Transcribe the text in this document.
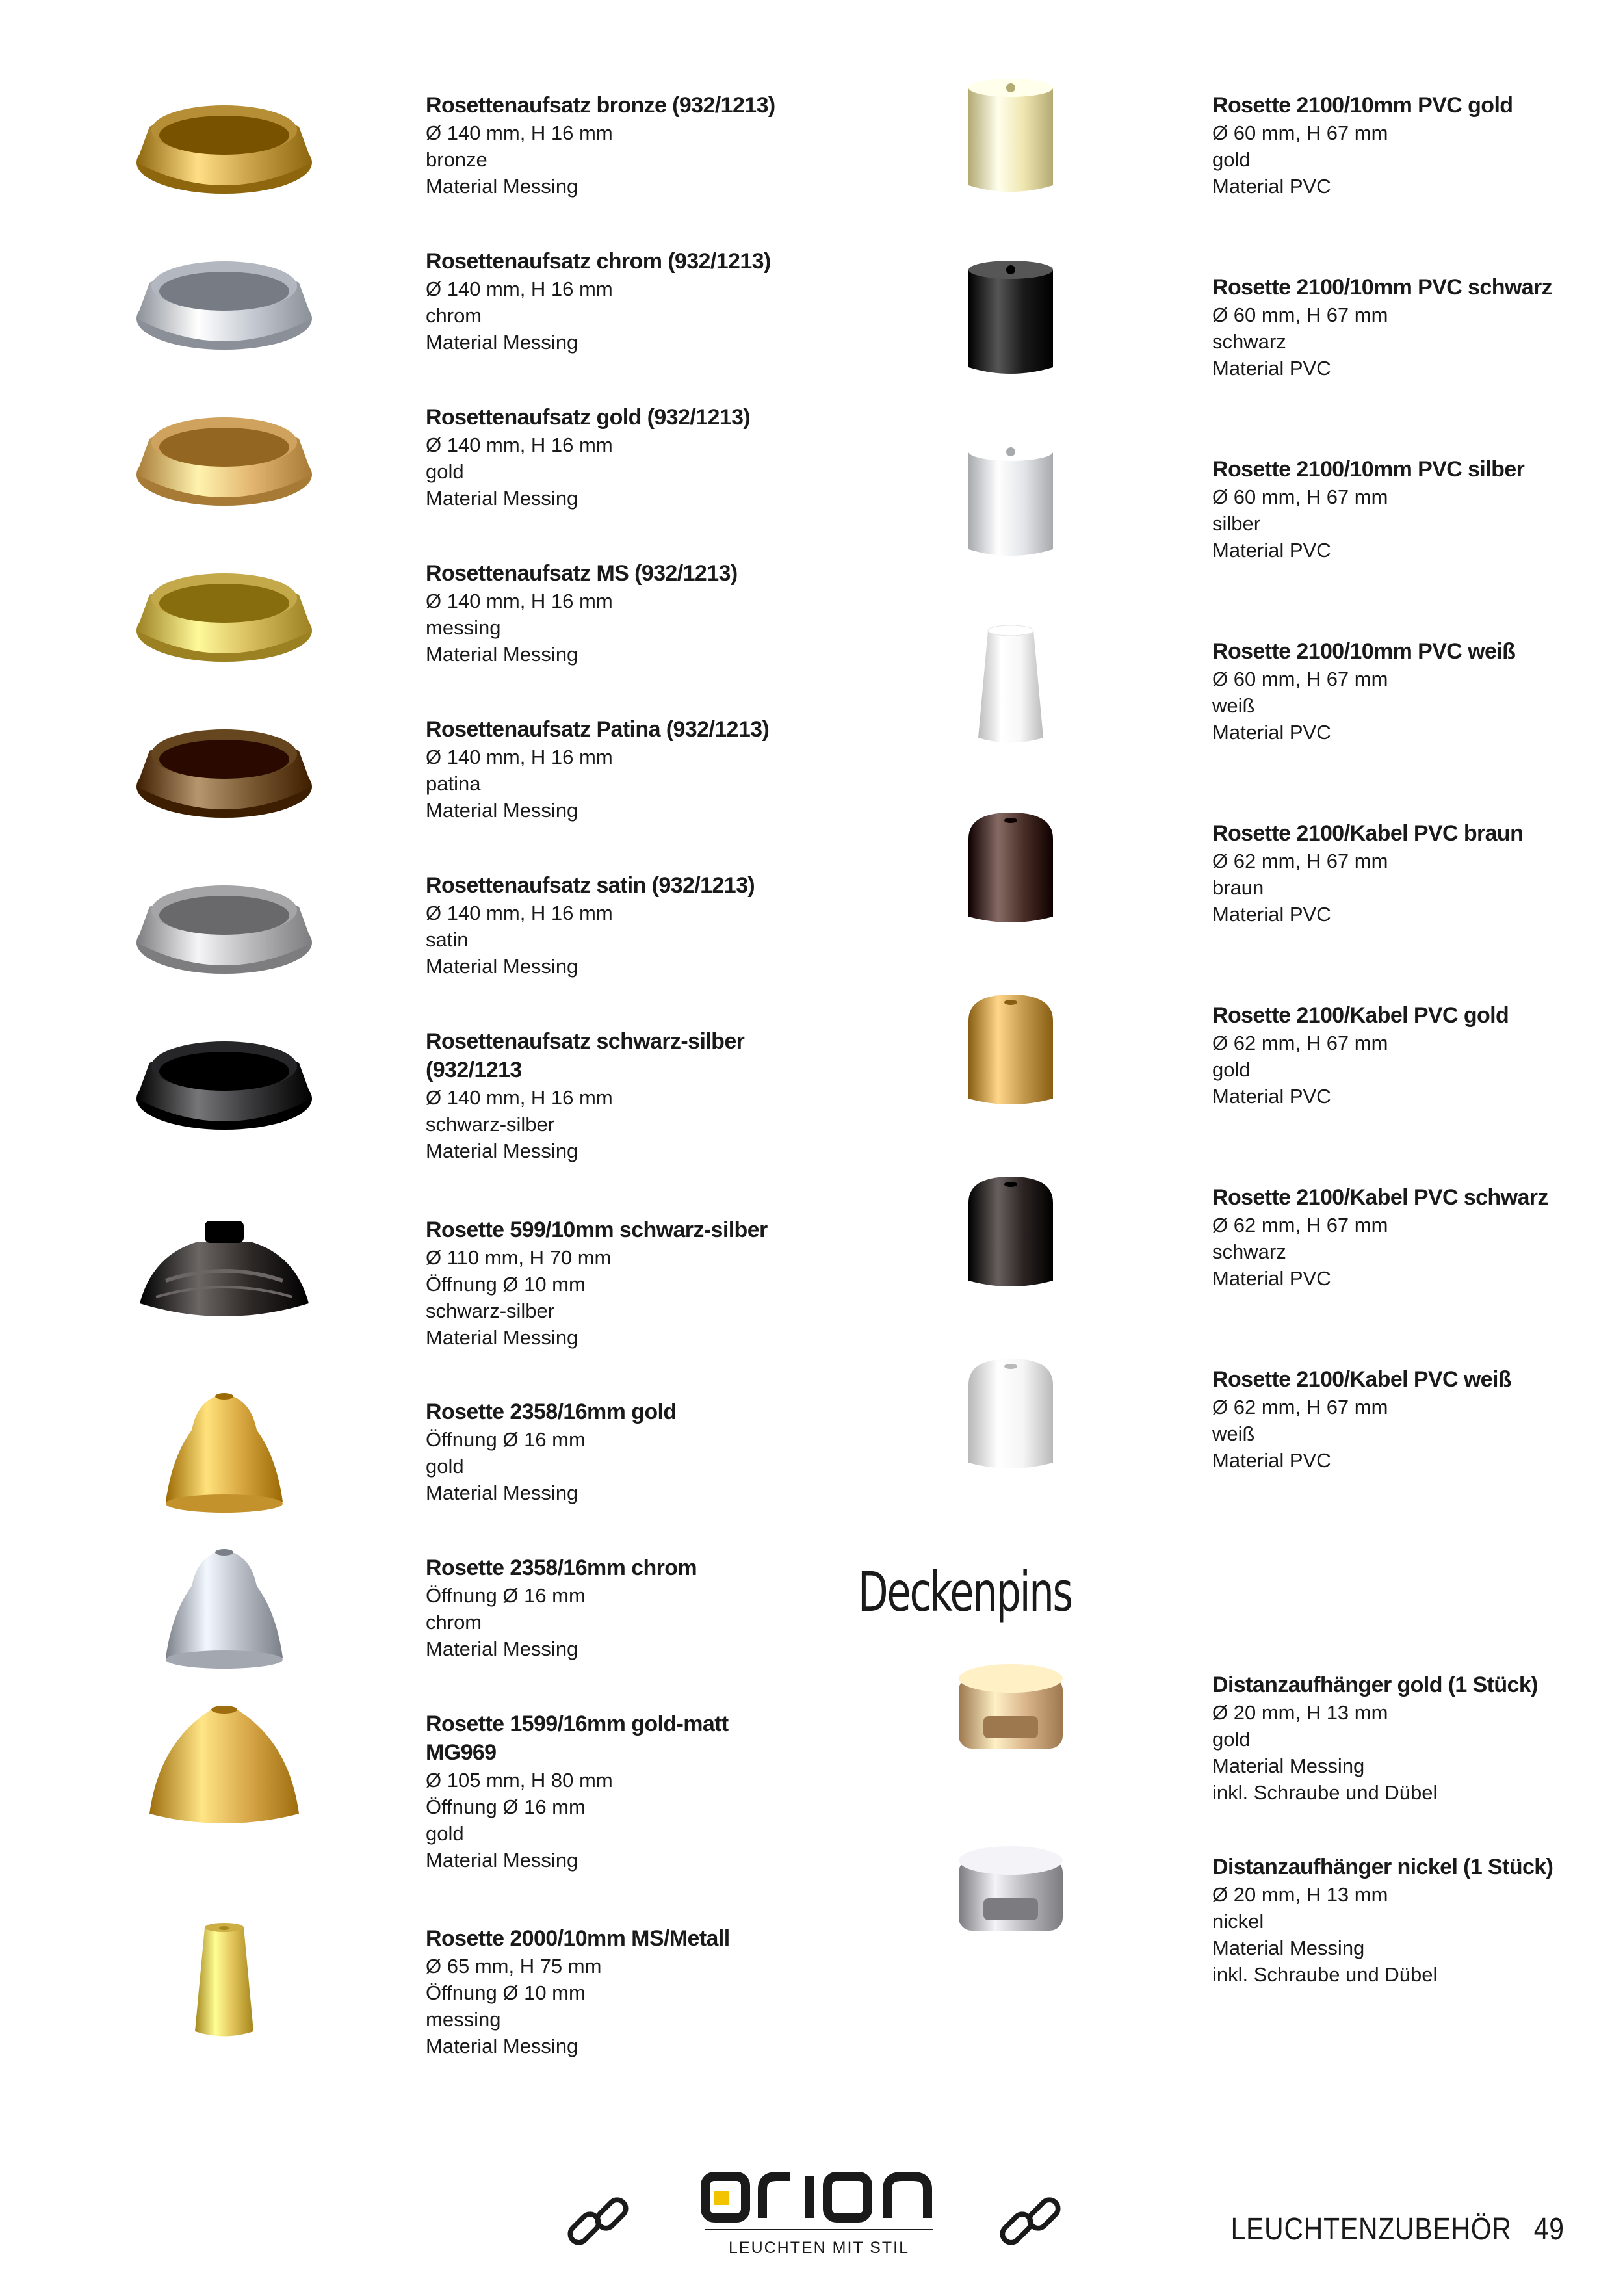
Rosettenaufsatz bronze (932/1213)
Ø 140 mm, H 16 mm
bronze
Material Messing
Rosettenaufsatz chrom (932/1213)
Ø 140 mm, H 16 mm
chrom
Material Messing
Rosettenaufsatz gold (932/1213)
Ø 140 mm, H 16 mm
gold
Material Messing
Rosettenaufsatz MS (932/1213)
Ø 140 mm, H 16 mm
messing
Material Messing
Rosettenaufsatz Patina (932/1213)
Ø 140 mm, H 16 mm
patina
Material Messing
Rosettenaufsatz satin (932/1213)
Ø 140 mm, H 16 mm
satin
Material Messing
Rosettenaufsatz schwarz-silber
(932/1213
Ø 140 mm, H 16 mm
schwarz-silber
Material Messing
Rosette 599/10mm schwarz-silber
Ø 110 mm, H 70 mm
Öffnung Ø 10 mm
schwarz-silber
Material Messing
Rosette 2358/16mm gold
Öffnung Ø 16 mm
gold
Material Messing
Rosette 2358/16mm chrom
Öffnung Ø 16 mm
chrom
Material Messing
Rosette 1599/16mm gold-matt
MG969
Ø 105 mm, H 80 mm
Öffnung Ø 16 mm
gold
Material Messing
Rosette 2000/10mm MS/Metall
Ø 65 mm, H 75 mm
Öffnung Ø 10 mm
messing
Material Messing
Rosette 2100/10mm PVC gold
Ø 60 mm, H 67 mm
gold
Material PVC
Rosette 2100/10mm PVC schwarz
Ø 60 mm, H 67 mm
schwarz
Material PVC
Rosette 2100/10mm PVC silber
Ø 60 mm, H 67 mm
silber
Material PVC
Rosette 2100/10mm PVC weiß
Ø 60 mm, H 67 mm
weiß
Material PVC
Rosette 2100/Kabel PVC braun
Ø 62 mm, H 67 mm
braun
Material PVC
Rosette 2100/Kabel PVC gold
Ø 62 mm, H 67 mm
gold
Material PVC
Rosette 2100/Kabel PVC schwarz
Ø 62 mm, H 67 mm
schwarz
Material PVC
Rosette 2100/Kabel PVC weiß
Ø 62 mm, H 67 mm
weiß
Material PVC
Distanzaufhänger gold (1 Stück)
Ø 20 mm, H 13 mm
gold
Material Messing
inkl. Schraube und Dübel
Distanzaufhänger nickel (1 Stück)
Ø 20 mm, H 13 mm
nickel
Material Messing
inkl. Schraube und Dübel
Deckenpins
LEUCHTEN MIT STIL
LEUCHTENZUBEHÖR 49
